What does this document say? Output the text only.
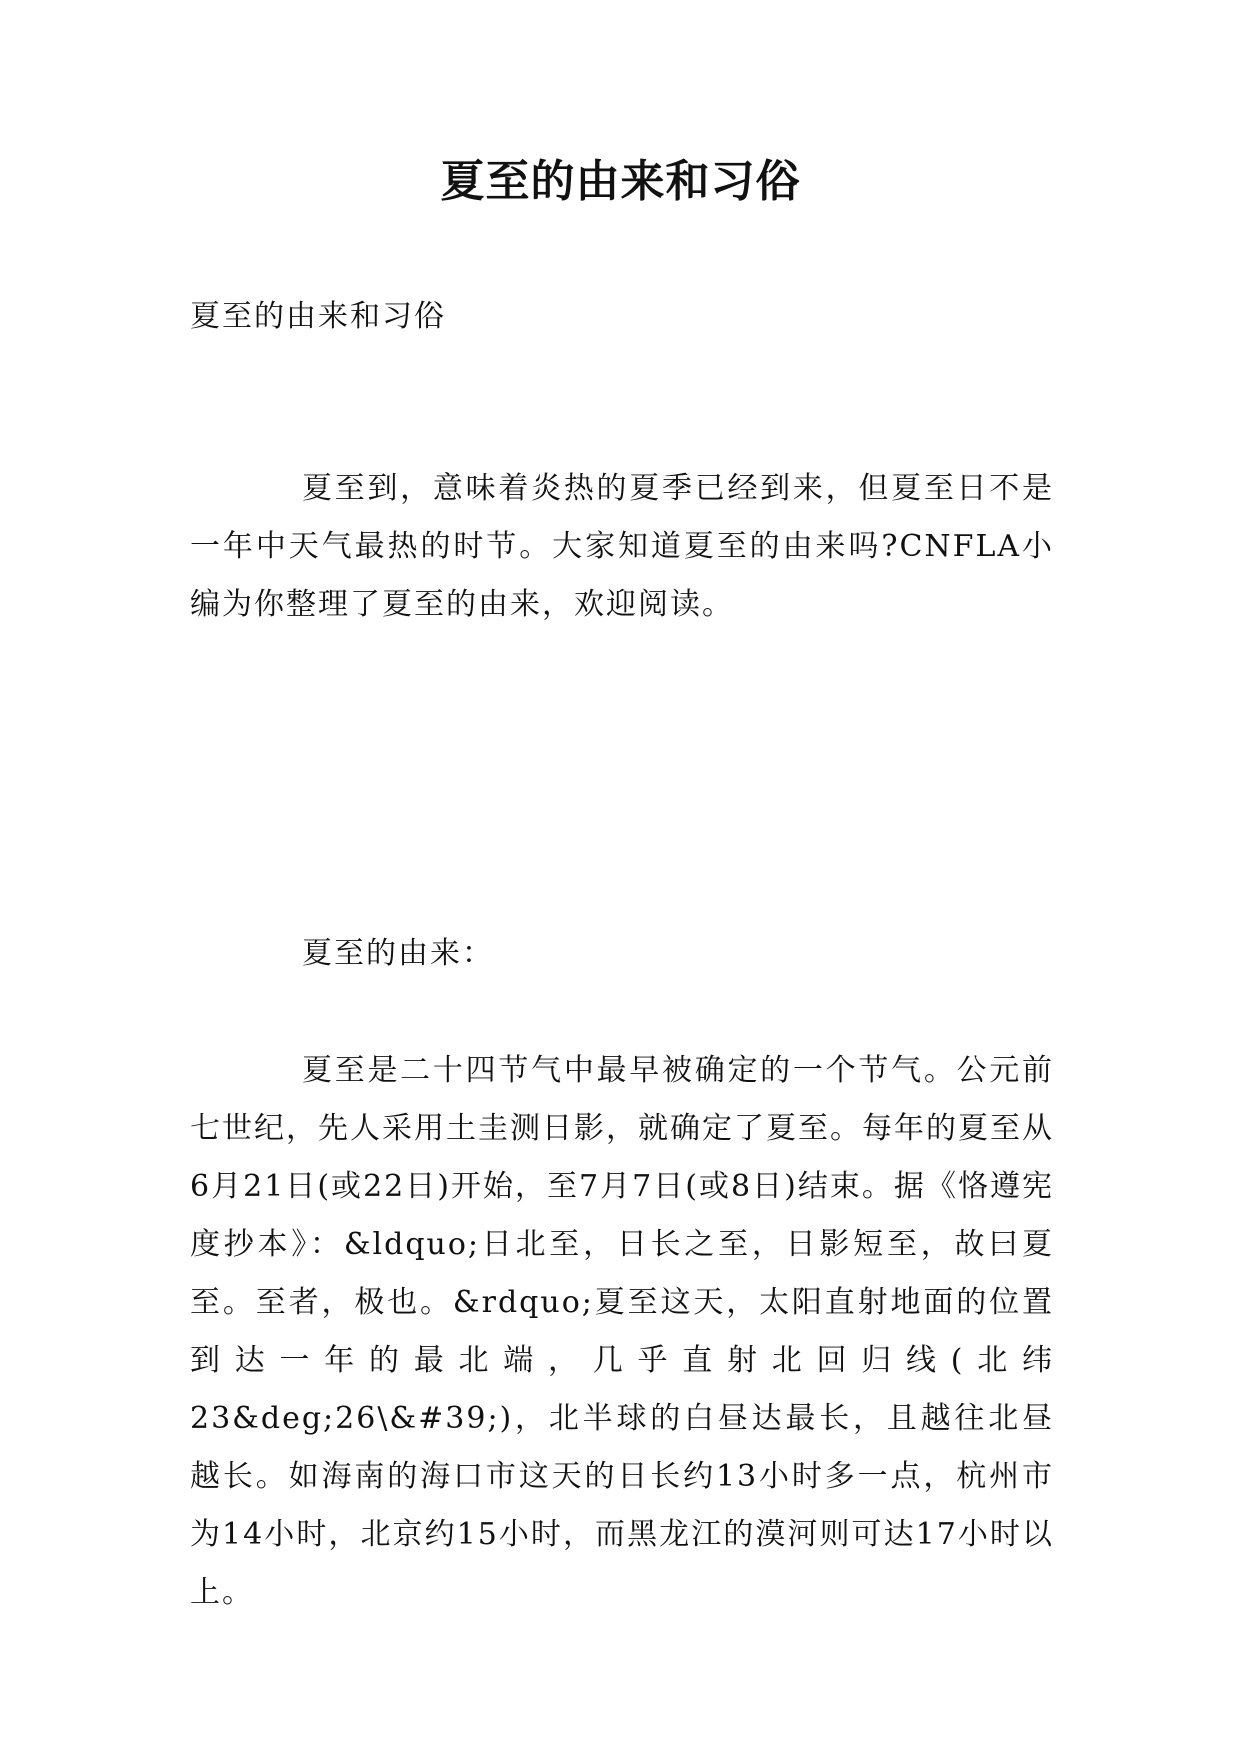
夏至的由来和习俗

夏至的由来和习俗

夏至到，意味着炎热的夏季已经到来，但夏至日不是一年中天气最热的时节。大家知道夏至的由来吗?CNFLA小编为你整理了夏至的由来，欢迎阅读。

夏至的由来：

夏至是二十四节气中最早被确定的一个节气。公元前七世纪，先人采用土圭测日影，就确定了夏至。每年的夏至从6月21日(或22日)开始，至7月7日(或8日)结束。据《恪遵宪度抄本》：&ldquo;日北至，日长之至，日影短至，故曰夏至。至者，极也。&rdquo;夏至这天，太阳直射地面的位置到达一年的最北端，几乎直射北回归线(北纬23&deg;26\&#39;)，北半球的白昼达最长，且越往北昼越长。如海南的海口市这天的日长约13小时多一点，杭州市为14小时，北京约15小时，而黑龙江的漠河则可达17小时以上。
